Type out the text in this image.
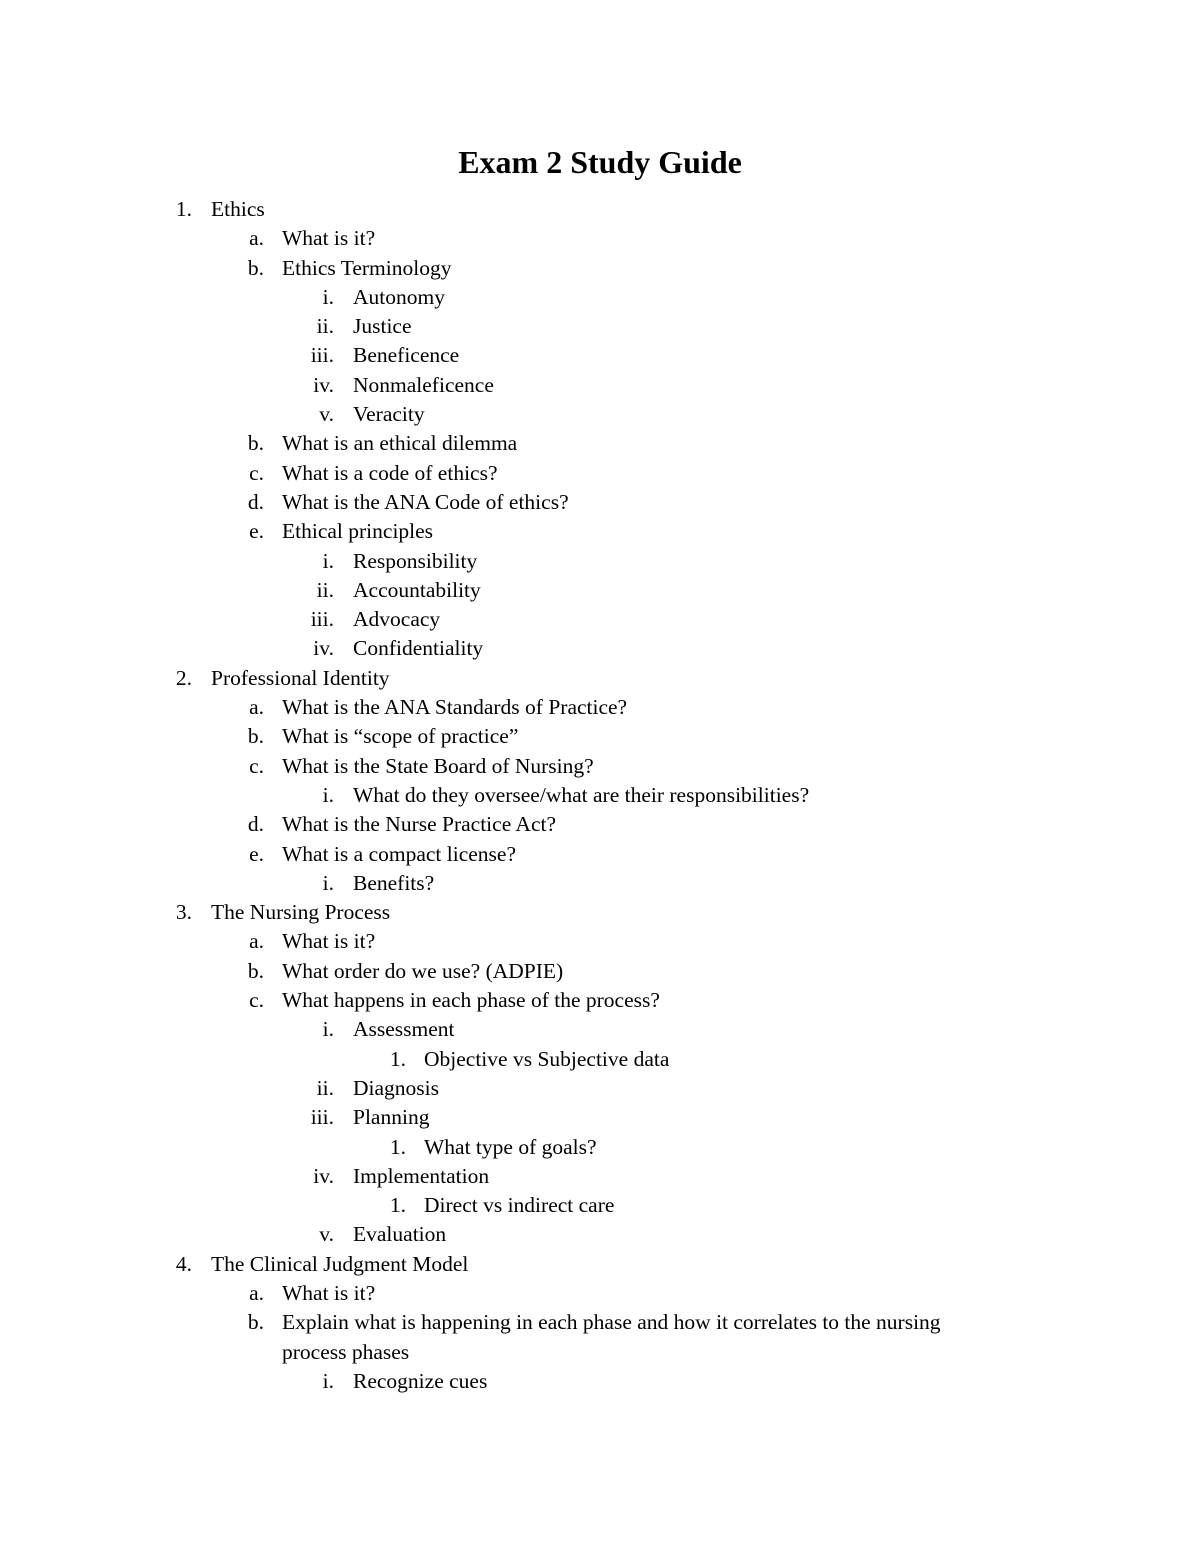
Exam 2 Study Guide
1. Ethics
a. What is it?
b. Ethics Terminology
i. Autonomy
ii. Justice
iii. Beneficence
iv. Nonmaleficence
v. Veracity
b. What is an ethical dilemma
c. What is a code of ethics?
d. What is the ANA Code of ethics?
e. Ethical principles
i. Responsibility
ii. Accountability
iii. Advocacy
iv. Confidentiality
2. Professional Identity
a. What is the ANA Standards of Practice?
b. What is “scope of practice”
c. What is the State Board of Nursing?
i. What do they oversee/what are their responsibilities?
d. What is the Nurse Practice Act?
e. What is a compact license?
i. Benefits?
3. The Nursing Process
a. What is it?
b. What order do we use? (ADPIE)
c. What happens in each phase of the process?
i. Assessment
1. Objective vs Subjective data
ii. Diagnosis
iii. Planning
1. What type of goals?
iv. Implementation
1. Direct vs indirect care
v. Evaluation
4. The Clinical Judgment Model
a. What is it?
b. Explain what is happening in each phase and how it correlates to the nursing
process phases
i. Recognize cues
